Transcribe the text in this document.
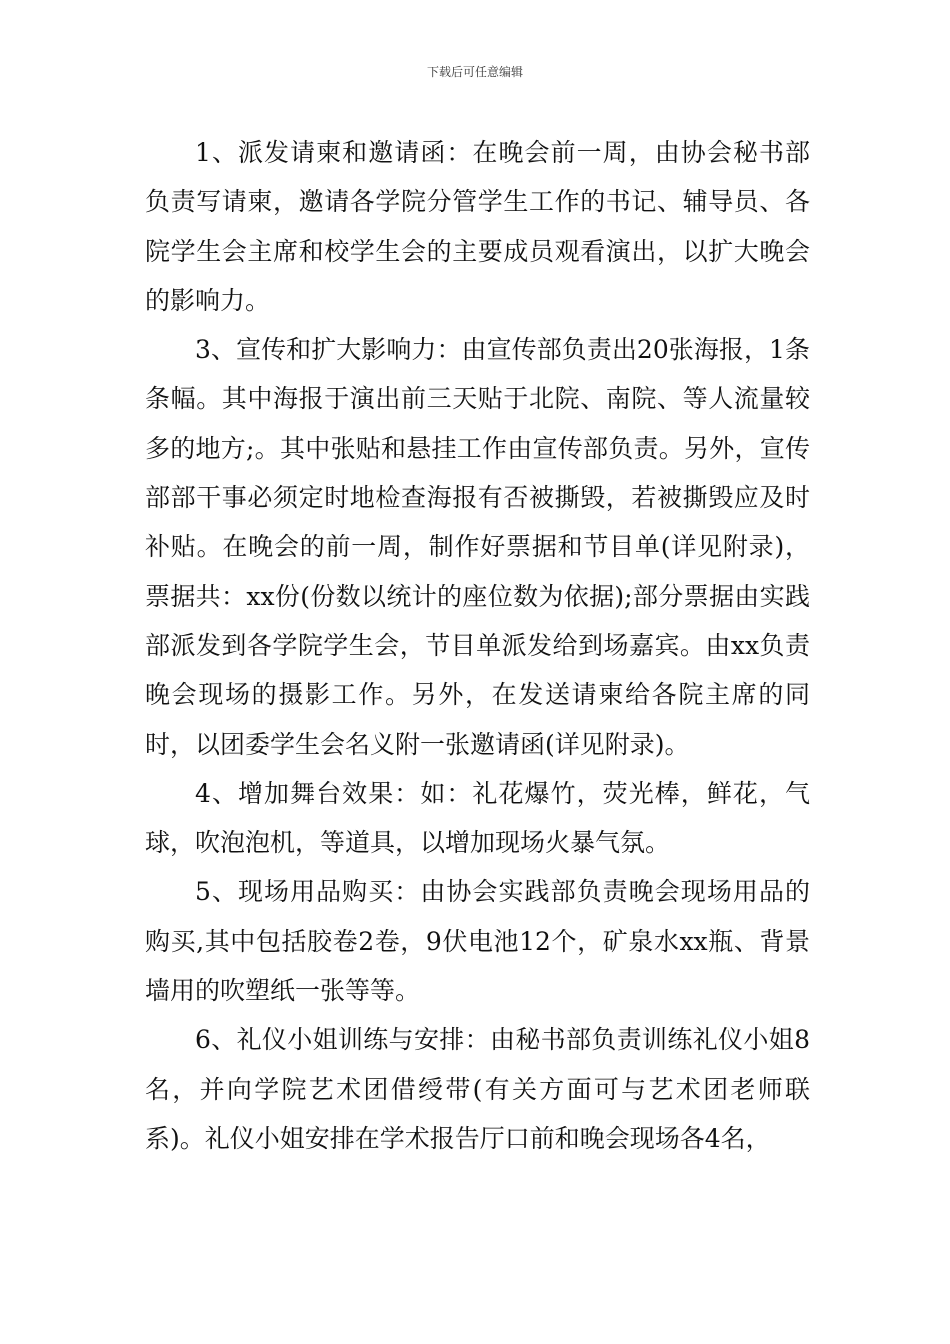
下载后可任意编辑

1、派发请柬和邀请函：在晚会前一周，由协会秘书部负责写请柬，邀请各学院分管学生工作的书记、辅导员、各院学生会主席和校学生会的主要成员观看演出，以扩大晚会的影响力。

3、宣传和扩大影响力：由宣传部负责出20张海报，1条条幅。其中海报于演出前三天贴于北院、南院、等人流量较多的地方;。其中张贴和悬挂工作由宣传部负责。另外，宣传部部干事必须定时地检查海报有否被撕毁，若被撕毁应及时补贴。在晚会的前一周，制作好票据和节目单(详见附录)，票据共：xx份(份数以统计的座位数为依据);部分票据由实践部派发到各学院学生会，节目单派发给到场嘉宾。由xx负责晚会现场的摄影工作。另外，在发送请柬给各院主席的同时，以团委学生会名义附一张邀请函(详见附录)。

4、增加舞台效果：如：礼花爆竹，荧光棒，鲜花，气球，吹泡泡机，等道具，以增加现场火暴气氛。

5、现场用品购买：由协会实践部负责晚会现场用品的购买,其中包括胶卷2卷，9伏电池12个，矿泉水xx瓶、背景墙用的吹塑纸一张等等。

6、礼仪小姐训练与安排：由秘书部负责训练礼仪小姐8名，并向学院艺术团借绶带(有关方面可与艺术团老师联系)。礼仪小姐安排在学术报告厅口前和晚会现场各4名，
